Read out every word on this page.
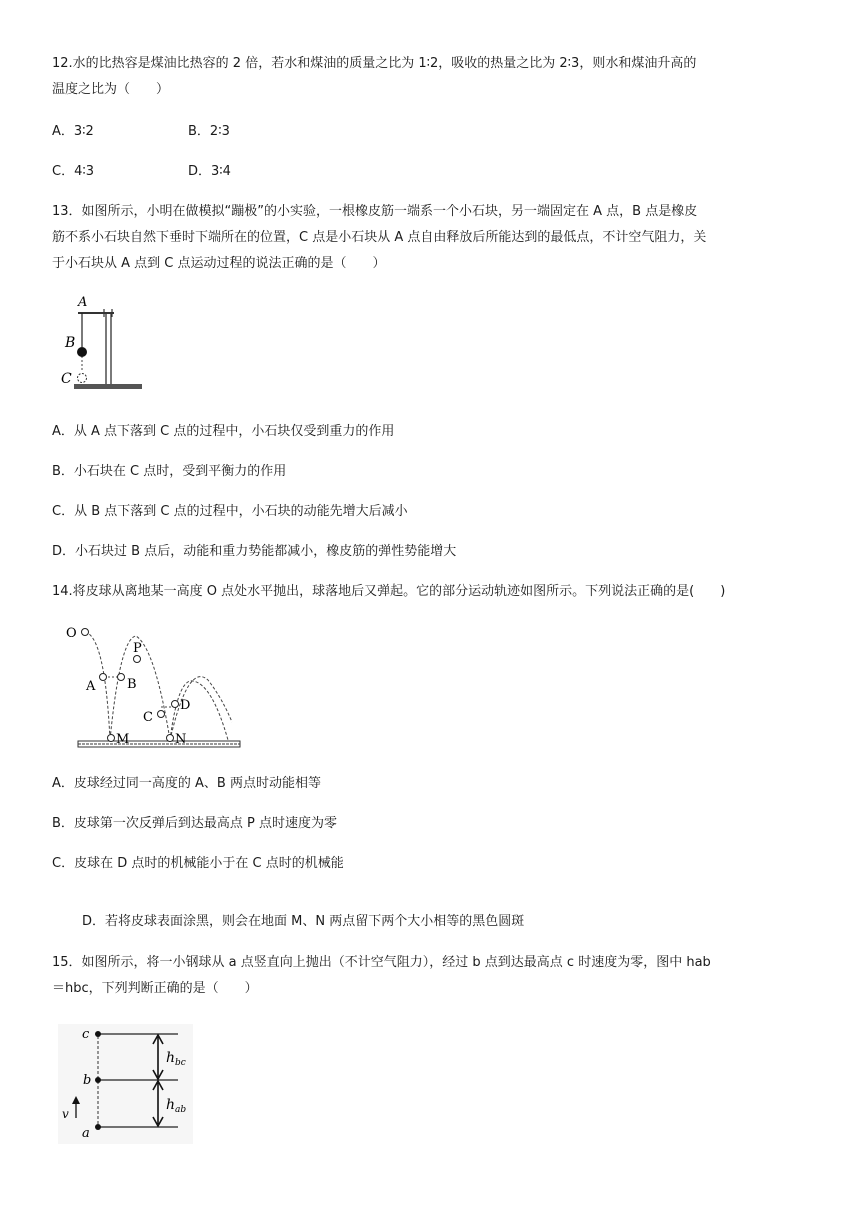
12.水的比热容是煤油比热容的 2 倍，若水和煤油的质量之比为 1∶2，吸收的热量之比为 2∶3，则水和煤油升高的
温度之比为（　　）
A．3∶2	B．2∶3
C．4∶3	D．3∶4
13．如图所示，小明在做模拟“蹦极”的小实验，一根橡皮筋一端系一个小石块，另一端固定在 A 点，B 点是橡皮
筋不系小石块自然下垂时下端所在的位置，C 点是小石块从 A 点自由释放后所能达到的最低点，不计空气阻力，关
于小石块从 A 点到 C 点运动过程的说法正确的是（　　）
A
B
C
A．从 A 点下落到 C 点的过程中，小石块仅受到重力的作用
B．小石块在 C 点时，受到平衡力的作用
C．从 B 点下落到 C 点的过程中，小石块的动能先增大后减小
D．小石块过 B 点后，动能和重力势能都减小，橡皮筋的弹性势能增大
14.将皮球从离地某一高度 O 点处水平抛出，球落地后又弹起。它的部分运动轨迹如图所示。下列说法正确的是(　　)
O
A B
P
C
D
M	N
A．皮球经过同一高度的 A、B 两点时动能相等
B．皮球第一次反弹后到达最高点 P 点时速度为零
C．皮球在 D 点时的机械能小于在 C 点时的机械能
D．若将皮球表面涂黑，则会在地面 M、N 两点留下两个大小相等的黑色圆斑
15．如图所示，将一小钢球从 a 点竖直向上抛出（不计空气阻力），经过 b 点到达最高点 c 时速度为零，图中 hab
＝hbc，下列判断正确的是（　　）
c
b
a
v
$h_{bc}$
$h_{ab}$
